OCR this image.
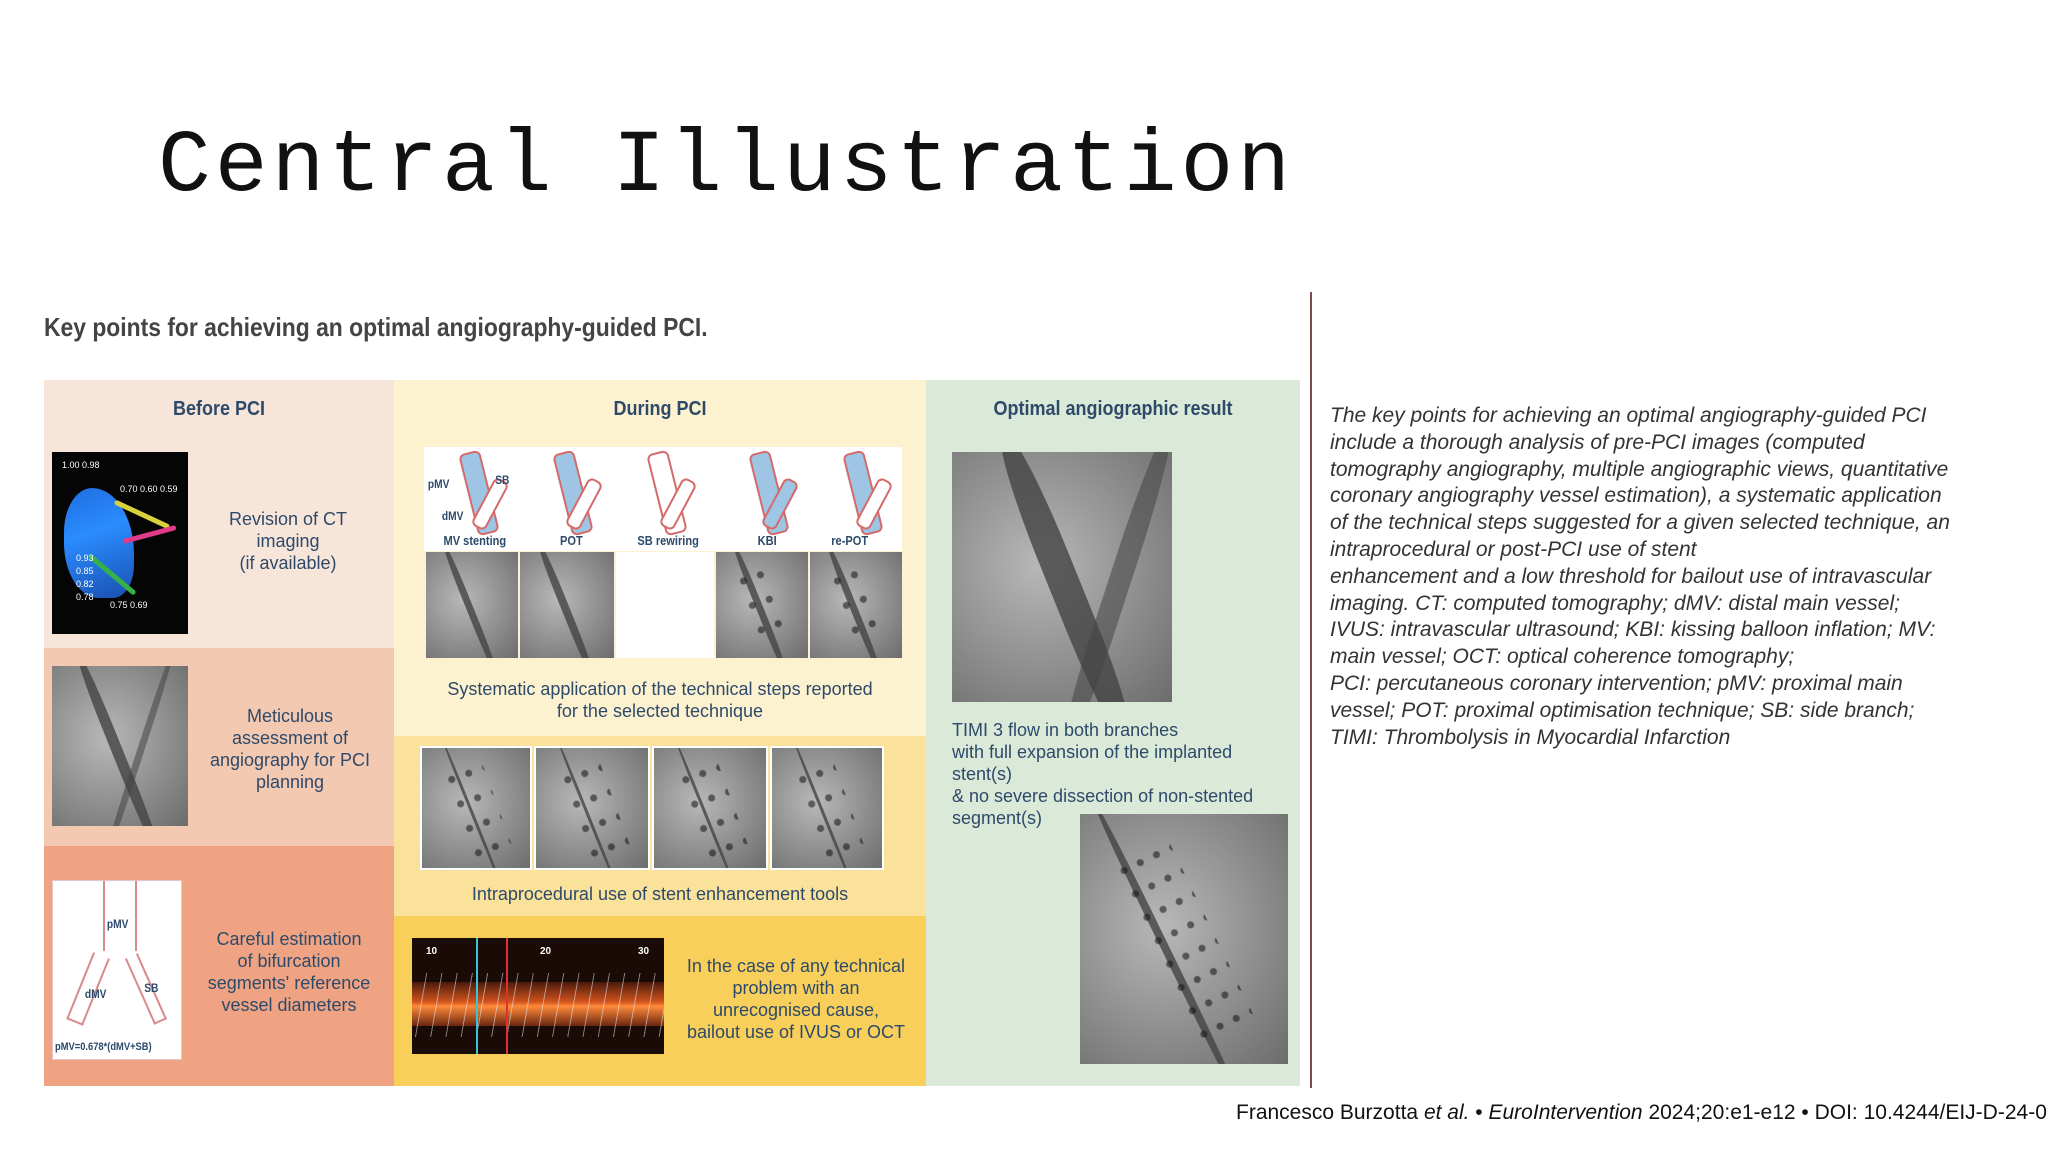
Central Illustration
Key points for achieving an optimal angiography-guided PCI.
Before PCI
1.00 0.98
0.70 0.60 0.59
0.93
0.85
0.82
0.78
0.75 0.69
Revision of CT
imaging
(if available)
Meticulous
assessment of
angiography for PCI
planning
pMV
dMV	SB
pMV=0.678*(dMV+SB)
Careful estimation
of bifurcation
segments' reference
vessel diameters
During PCI
pMV
dMV
SB
MV stenting	POT	SB rewiring	KBI	re-POT
Systematic application of the technical steps reported
for the selected technique
Intraprocedural use of stent enhancement tools
10	20	30
In the case of any technical
problem with an
unrecognised cause,
bailout use of IVUS or OCT
Optimal angiographic result
TIMI 3 flow in both branches
with full expansion of the implanted stent(s)
& no severe dissection of non-stented
segment(s)
The key points for achieving an optimal angiography-guided PCI
include a thorough analysis of pre-PCI images (computed
tomography angiography, multiple angiographic views, quantitative
coronary angiography vessel estimation), a systematic application
of the technical steps suggested for a given selected technique, an
intraprocedural or post-PCI use of stent
enhancement and a low threshold for bailout use of intravascular
imaging. CT: computed tomography; dMV: distal main vessel;
IVUS: intravascular ultrasound; KBI: kissing balloon inflation; MV:
main vessel; OCT: optical coherence tomography;
PCI: percutaneous coronary intervention; pMV: proximal main
vessel; POT: proximal optimisation technique; SB: side branch;
TIMI: Thrombolysis in Myocardial Infarction
Francesco Burzotta et al. • EuroIntervention 2024;20:e1-e12 • DOI: 10.4244/EIJ-D-24-0
